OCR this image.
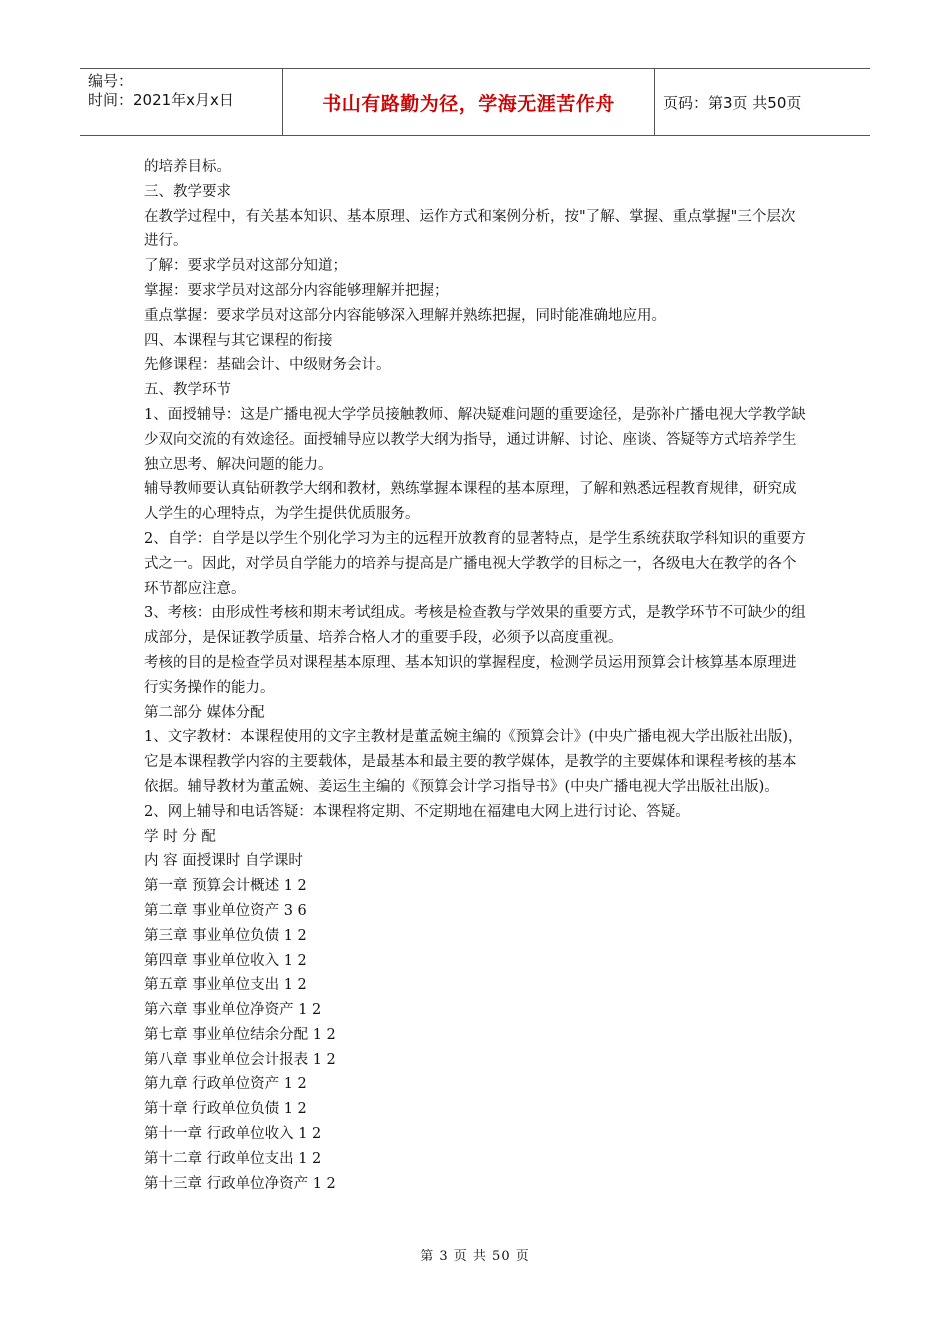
编号：
时间：2021年x月x日	书山有路勤为径，学海无涯苦作舟	页码：第3页 共50页

的培养目标。

三、教学要求

在教学过程中，有关基本知识、基本原理、运作方式和案例分析，按"了解、掌握、重点掌握"三个层次进行。

了解：要求学员对这部分知道；

掌握：要求学员对这部分内容能够理解并把握；

重点掌握：要求学员对这部分内容能够深入理解并熟练把握，同时能准确地应用。

四、本课程与其它课程的衔接

先修课程：基础会计、中级财务会计。

五、教学环节

1、面授辅导：这是广播电视大学学员接触教师、解决疑难问题的重要途径，是弥补广播电视大学教学缺少双向交流的有效途径。面授辅导应以教学大纲为指导，通过讲解、讨论、座谈、答疑等方式培养学生独立思考、解决问题的能力。

辅导教师要认真钻研教学大纲和教材，熟练掌握本课程的基本原理，了解和熟悉远程教育规律，研究成人学生的心理特点，为学生提供优质服务。

2、自学：自学是以学生个别化学习为主的远程开放教育的显著特点，是学生系统获取学科知识的重要方式之一。因此，对学员自学能力的培养与提高是广播电视大学教学的目标之一，各级电大在教学的各个环节都应注意。

3、考核：由形成性考核和期末考试组成。考核是检查教与学效果的重要方式，是教学环节不可缺少的组成部分，是保证教学质量、培养合格人才的重要手段，必须予以高度重视。

考核的目的是检查学员对课程基本原理、基本知识的掌握程度，检测学员运用预算会计核算基本原理进行实务操作的能力。

第二部分 媒体分配

1、文字教材：本课程使用的文字主教材是董孟婉主编的《预算会计》(中央广播电视大学出版社出版)，它是本课程教学内容的主要载体，是最基本和最主要的教学媒体，是教学的主要媒体和课程考核的基本依据。辅导教材为董孟婉、姜运生主编的《预算会计学习指导书》(中央广播电视大学出版社出版)。

2、网上辅导和电话答疑：本课程将定期、不定期地在福建电大网上进行讨论、答疑。

学 时 分 配

内 容 面授课时 自学课时

第一章 预算会计概述 1 2

第二章 事业单位资产 3 6

第三章 事业单位负债 1 2

第四章 事业单位收入 1 2

第五章 事业单位支出 1 2

第六章 事业单位净资产 1 2

第七章 事业单位结余分配 1 2

第八章 事业单位会计报表 1 2

第九章 行政单位资产 1 2

第十章 行政单位负债 1 2

第十一章 行政单位收入 1 2

第十二章 行政单位支出 1 2

第十三章 行政单位净资产 1 2

第 3 页 共 50 页
